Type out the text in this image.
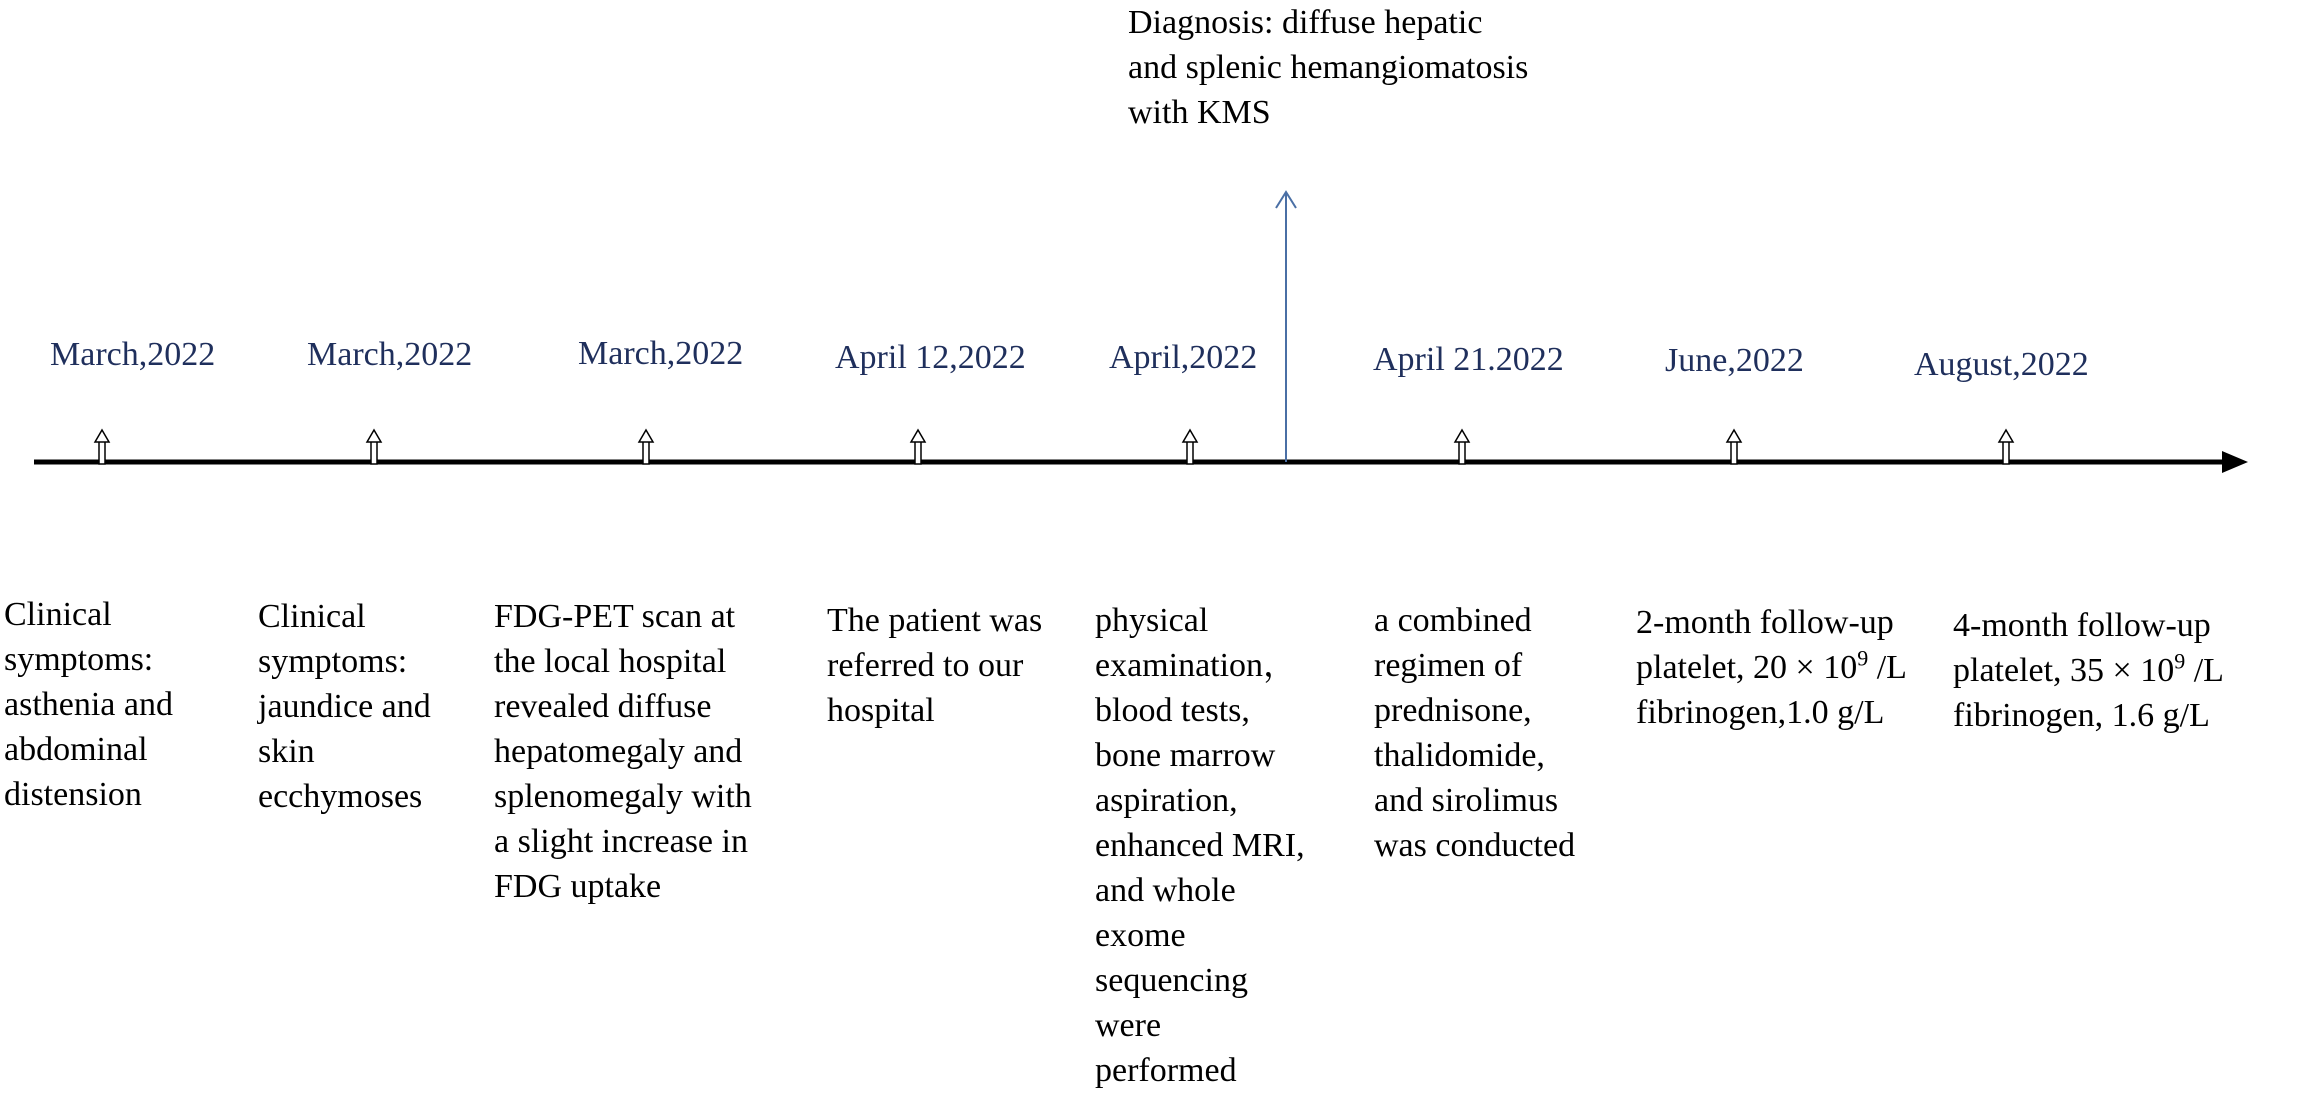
Diagnosis: diffuse hepatic
and splenic hemangiomatosis
with KMS
March,2022	March,2022	March,2022	April 12,2022 April,2022	April 21.2022	June,2022	August,2022
Clinical
symptoms:
asthenia and
abdominal
distension
Clinical
symptoms:
jaundice and
skin
ecchymoses
FDG-PET scan at
the local hospital
revealed diffuse
hepatomegaly and
splenomegaly with
a slight increase in
FDG uptake
The patient was
referred to our
hospital
physical
examination，
blood tests,
bone marrow
aspiration,
enhanced MRI,
and whole
exome
sequencing
were
performed
a combined
regimen of
prednisone,
thalidomide,
and sirolimus
was conducted
2-month follow-up
platelet, $20 \times 10^9$ /L
fibrinogen,1.0 g/L
4-month follow-up
platelet, $35 \times 10^9$ /L
fibrinogen, 1.6 g/L
